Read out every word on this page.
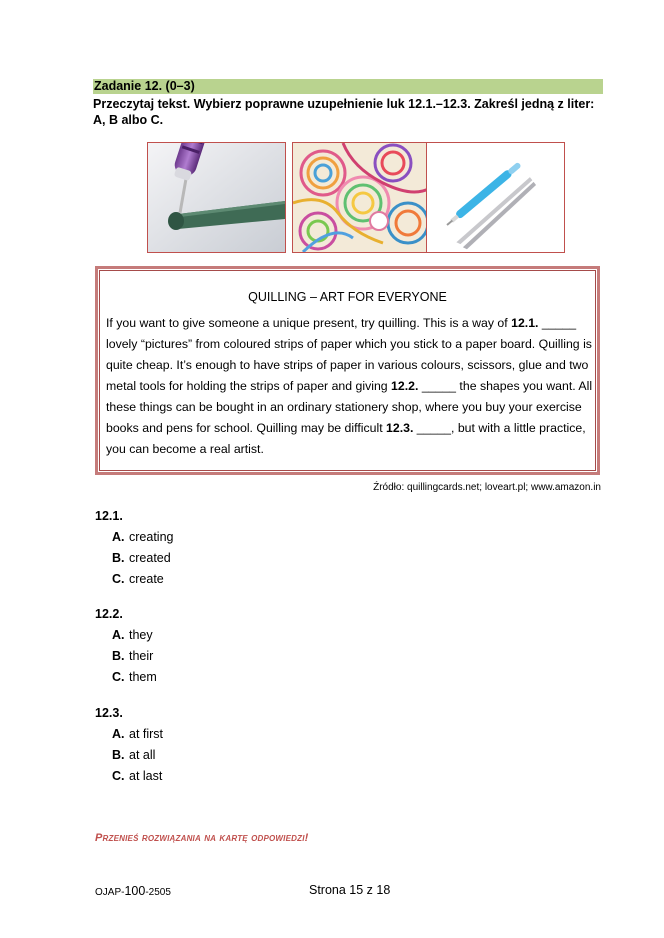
Zadanie 12. (0–3)
Przeczytaj tekst. Wybierz poprawne uzupełnienie luk 12.1.–12.3. Zakreśl jedną z liter: A, B albo C.
QUILLING – ART FOR EVERYONE
If you want to give someone a unique present, try quilling. This is a way of 12.1. _____ lovely “pictures” from coloured strips of paper which you stick to a paper board. Quilling is quite cheap. It’s enough to have strips of paper in various colours, scissors, glue and two metal tools for holding the strips of paper and giving 12.2. _____ the shapes you want. All these things can be bought in an ordinary stationery shop, where you buy your exercise books and pens for school. Quilling may be difficult 12.3. _____, but with a little practice, you can become a real artist.
Źródło: quillingcards.net; loveart.pl; www.amazon.in
12.1.
A. creating
B. created
C. create
12.2.
A. they
B. their
C. them
12.3.
A. at first
B. at all
C. at last
Przenieś rozwiązania na kartę odpowiedzi!
OJAP-100-2505	Strona 15 z 18
